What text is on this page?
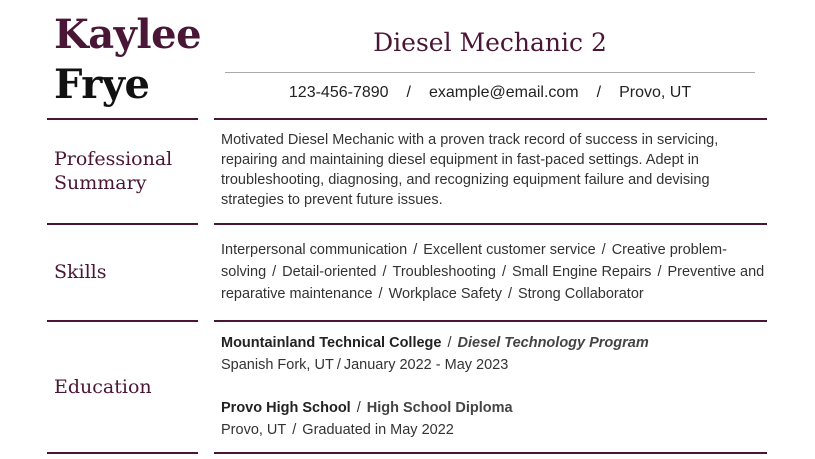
Kaylee
Frye
Diesel Mechanic 2
123-456-7890 / example@email.com / Provo, UT
Professional
Summary
Motivated Diesel Mechanic with a proven track record of success in servicing, repairing and maintaining diesel equipment in fast-paced settings. Adept in troubleshooting, diagnosing, and recognizing equipment failure and devising strategies to prevent future issues.
Skills
Interpersonal communication / Excellent customer service / Creative problem-solving / Detail-oriented / Troubleshooting / Small Engine Repairs / Preventive and reparative maintenance / Workplace Safety / Strong Collaborator
Education
Mountainland Technical College / Diesel Technology Program
Spanish Fork, UT / January 2022 - May 2023
Provo High School / High School Diploma
Provo, UT / Graduated in May 2022
